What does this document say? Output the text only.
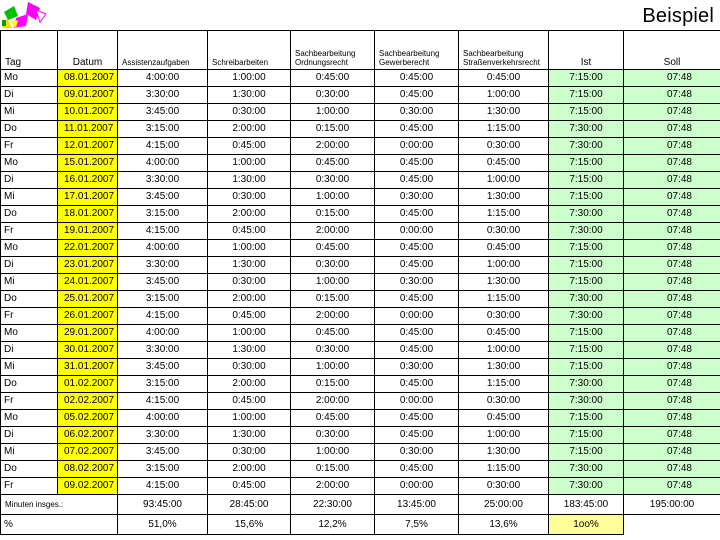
Beispiel
Tag	Datum	Assistenzaufgaben	Schreibarbeiten	Sachbearbeitung Ordnungsrecht	Sachbearbeitung Gewerberecht	Sachbearbeitung Straßenverkehrsrecht	Ist	Soll
Mo	08.01.2007	4:00:00	1:00:00	0:45:00	0:45:00	0:45:00	7:15:00	07:48
Di	09.01.2007	3:30:00	1:30:00	0:30:00	0:45:00	1:00:00	7:15:00	07:48
Mi	10.01.2007	3:45:00	0:30:00	1:00:00	0:30:00	1:30:00	7:15:00	07:48
Do	11.01.2007	3:15:00	2:00:00	0:15:00	0:45:00	1:15:00	7:30:00	07:48
Fr	12.01.2007	4:15:00	0:45:00	2:00:00	0:00:00	0:30:00	7:30:00	07:48
Mo	15.01.2007	4:00:00	1:00:00	0:45:00	0:45:00	0:45:00	7:15:00	07:48
Di	16.01.2007	3:30:00	1:30:00	0:30:00	0:45:00	1:00:00	7:15:00	07:48
Mi	17.01.2007	3:45:00	0:30:00	1:00:00	0:30:00	1:30:00	7:15:00	07:48
Do	18.01.2007	3:15:00	2:00:00	0:15:00	0:45:00	1:15:00	7:30:00	07:48
Fr	19.01.2007	4:15:00	0:45:00	2:00:00	0:00:00	0:30:00	7:30:00	07:48
Mo	22.01.2007	4:00:00	1:00:00	0:45:00	0:45:00	0:45:00	7:15:00	07:48
Di	23.01.2007	3:30:00	1:30:00	0:30:00	0:45:00	1:00:00	7:15:00	07:48
Mi	24.01.2007	3:45:00	0:30:00	1:00:00	0:30:00	1:30:00	7:15:00	07:48
Do	25.01.2007	3:15:00	2:00:00	0:15:00	0:45:00	1:15:00	7:30:00	07:48
Fr	26.01.2007	4:15:00	0:45:00	2:00:00	0:00:00	0:30:00	7:30:00	07:48
Mo	29.01.2007	4:00:00	1:00:00	0:45:00	0:45:00	0:45:00	7:15:00	07:48
Di	30.01.2007	3:30:00	1:30:00	0:30:00	0:45:00	1:00:00	7:15:00	07:48
Mi	31.01.2007	3:45:00	0:30:00	1:00:00	0:30:00	1:30:00	7:15:00	07:48
Do	01.02.2007	3:15:00	2:00:00	0:15:00	0:45:00	1:15:00	7:30:00	07:48
Fr	02.02.2007	4:15:00	0:45:00	2:00:00	0:00:00	0:30:00	7:30:00	07:48
Mo	05.02.2007	4:00:00	1:00:00	0:45:00	0:45:00	0:45:00	7:15:00	07:48
Di	06.02.2007	3:30:00	1:30:00	0:30:00	0:45:00	1:00:00	7:15:00	07:48
Mi	07.02.2007	3:45:00	0:30:00	1:00:00	0:30:00	1:30:00	7:15:00	07:48
Do	08.02.2007	3:15:00	2:00:00	0:15:00	0:45:00	1:15:00	7:30:00	07:48
Fr	09.02.2007	4:15:00	0:45:00	2:00:00	0:00:00	0:30:00	7:30:00	07:48
Minuten insges.:		93:45:00	28:45:00	22:30:00	13:45:00	25:00:00	183:45:00	195:00:00
%		51,0%	15,6%	12,2%	7,5%	13,6%	1oo%	
